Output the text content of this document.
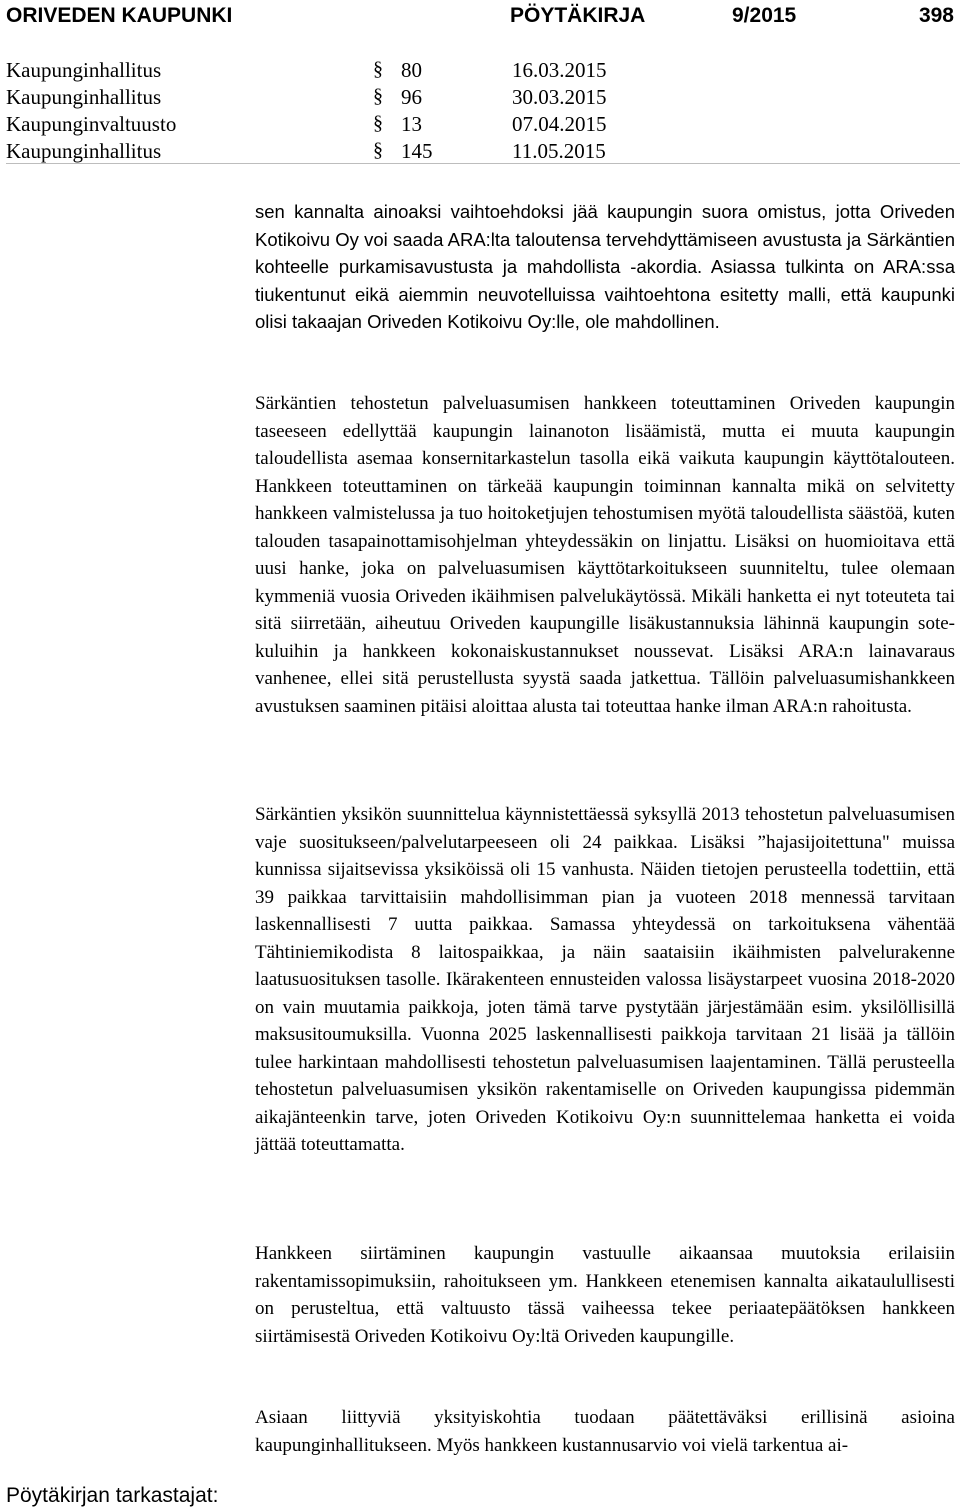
ORIVEDEN KAUPUNKI	PÖYTÄKIRJA	9/2015	398
Kaupunginhallitus	§ 80	16.03.2015
Kaupunginhallitus	§ 96	30.03.2015
Kaupunginvaltuusto	§ 13	07.04.2015
Kaupunginhallitus	§ 145	11.05.2015

sen kannalta ainoaksi vaihtoehdoksi jää kaupungin suora omistus, jotta Oriveden Kotikoivu Oy voi saada ARA:lta taloutensa tervehdyttämiseen avustusta ja Särkäntien kohteelle purkamisavustusta ja mahdollista -akordia. Asiassa tulkinta on ARA:ssa tiukentunut eikä aiemmin neuvotelluissa vaihtoehtona esitetty malli, että kaupunki olisi takaajan Oriveden Kotikoivu Oy:lle, ole mahdollinen.

Särkäntien tehostetun palveluasumisen hankkeen toteuttaminen Oriveden kaupungin taseeseen edellyttää kaupungin lainanoton lisäämistä, mutta ei muuta kaupungin taloudellista asemaa konsernitarkastelun tasolla eikä vaikuta kaupungin käyttötalouteen. Hankkeen toteuttaminen on tärkeää kaupungin toiminnan kannalta mikä on selvitetty hankkeen valmistelussa ja tuo hoitoketjujen tehostumisen myötä taloudellista säästöä, kuten talouden tasapainottamisohjelman yhteydessäkin on linjattu. Lisäksi on huomioitava että uusi hanke, joka on palveluasumisen käyttötarkoitukseen suunniteltu, tulee olemaan kymmeniä vuosia Oriveden ikäihmisen palvelukäytössä. Mikäli hanketta ei nyt toteuteta tai sitä siirretään, aiheutuu Oriveden kaupungille lisäkustannuksia lähinnä kaupungin sote-kuluihin ja hankkeen kokonaiskustannukset noussevat. Lisäksi ARA:n lainavaraus vanhenee, ellei sitä perustellusta syystä saada jatkettua. Tällöin palveluasumishankkeen avustuksen saaminen pitäisi aloittaa alusta tai toteuttaa hanke ilman ARA:n rahoitusta.

Särkäntien yksikön suunnittelua käynnistettäessä syksyllä 2013 tehostetun palveluasumisen vaje suositukseen/palvelutarpeeseen oli 24 paikkaa. Lisäksi ”hajasijoitettuna" muissa kunnissa sijaitsevissa yksiköissä oli 15 vanhusta. Näiden tietojen perusteella todettiin, että 39 paikkaa tarvittaisiin mahdollisimman pian ja vuoteen 2018 mennessä tarvitaan laskennallisesti 7 uutta paikkaa. Samassa yhteydessä on tarkoituksena vähentää Tähtiniemikodista 8 laitospaikkaa, ja näin saataisiin ikäihmisten palvelurakenne laatusuosituksen tasolle. Ikärakenteen ennusteiden valossa lisäystarpeet vuosina 2018-2020 on vain muutamia paikkoja, joten tämä tarve pystytään järjestämään esim. yksilöllisillä maksusitoumuksilla. Vuonna 2025 laskennallisesti paikkoja tarvitaan 21 lisää ja tällöin tulee harkintaan mahdollisesti tehostetun palveluasumisen laajentaminen. Tällä perusteella tehostetun palveluasumisen yksikön rakentamiselle on Oriveden kaupungissa pidemmän aikajänteenkin tarve, joten Oriveden Kotikoivu Oy:n suunnittelemaa hanketta ei voida jättää toteuttamatta.

Hankkeen siirtäminen kaupungin vastuulle aikaansaa muutoksia erilaisiin rakentamissopimuksiin, rahoitukseen ym. Hankkeen etenemisen kannalta aikataulullisesti on perusteltua, että valtuusto tässä vaiheessa tekee periaatepäätöksen hankkeen siirtämisestä Oriveden Kotikoivu Oy:ltä Oriveden kaupungille.

Asiaan liittyviä yksityiskohtia tuodaan päätettäväksi erillisinä asioina kaupunginhallitukseen. Myös hankkeen kustannusarvio voi vielä tarkentua ai-

Pöytäkirjan tarkastajat:
